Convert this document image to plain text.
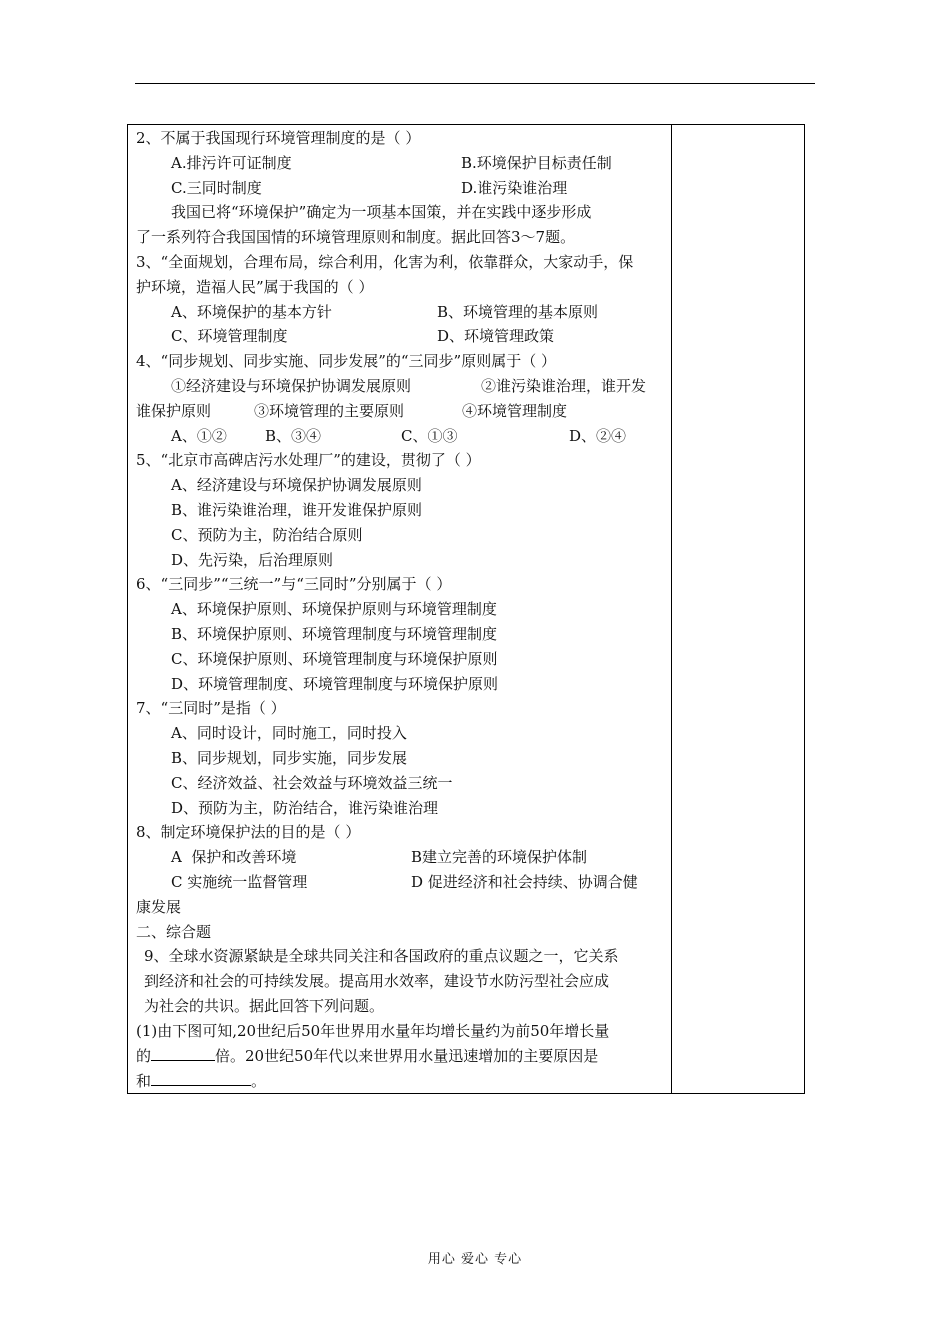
2、不属于我国现行环境管理制度的是（ ）
A.排污许可证制度	B.环境保护目标责任制
C.三同时制度	D.谁污染谁治理
我国已将“环境保护”确定为一项基本国策，并在实践中逐步形成
了一系列符合我国国情的环境管理原则和制度。据此回答3～7题。
3、“全面规划，合理布局，综合利用，化害为利，依靠群众，大家动手，保
护环境，造福人民”属于我国的（ ）
A、环境保护的基本方针	B、环境管理的基本原则
C、环境管理制度	D、环境管理政策
4、“同步规划、同步实施、同步发展”的“三同步”原则属于（ ）
①经济建设与环境保护协调发展原则	②谁污染谁治理，谁开发
谁保护原则	③环境管理的主要原则	④环境管理制度
A、①②	B、③④	C、①③	D、②④
5、“北京市高碑店污水处理厂”的建设，贯彻了（ ）
A、经济建设与环境保护协调发展原则
B、谁污染谁治理，谁开发谁保护原则
C、预防为主，防治结合原则
D、先污染，后治理原则
6、“三同步”“三统一”与“三同时”分别属于（ ）
A、环境保护原则、环境保护原则与环境管理制度
B、环境保护原则、环境管理制度与环境管理制度
C、环境保护原则、环境管理制度与环境保护原则
D、环境管理制度、环境管理制度与环境保护原则
7、“三同时”是指（ ）
A、同时设计，同时施工，同时投入
B、同步规划，同步实施，同步发展
C、经济效益、社会效益与环境效益三统一
D、预防为主，防治结合，谁污染谁治理
8、制定环境保护法的目的是（ ）
A  保护和改善环境	B建立完善的环境保护体制
C 实施统一监督管理	D 促进经济和社会持续、协调合健
康发展
二、综合题
9、全球水资源紧缺是全球共同关注和各国政府的重点议题之一，它关系
到经济和社会的可持续发展。提高用水效率，建设节水防污型社会应成
为社会的共识。据此回答下列问题。
(1)由下图可知,20世纪后50年世界用水量年均增长量约为前50年增长量
的	倍。20世纪50年代以来世界用水量迅速增加的主要原因是
和	。
用心 爱心 专心
